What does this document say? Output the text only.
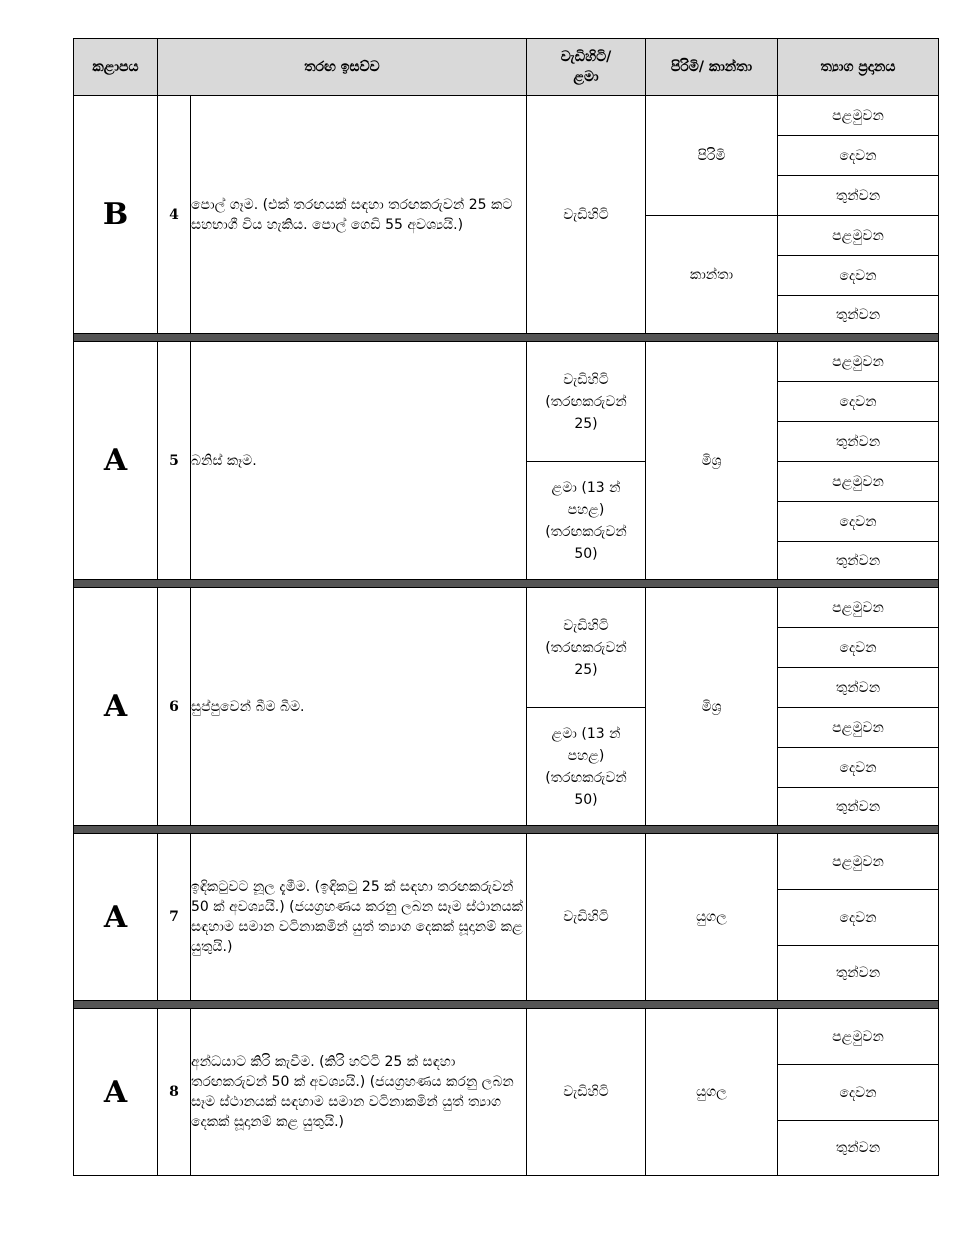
කළාපය	තරඟ ඉසව්ව		වැඩිහිටි/
ළමා	පිරිමි/ කාන්තා	ත්‍යාග ප්‍රදානය
B	4	පොල් ගෑම. (එක් තරඟයක් සඳහා තරඟකරුවන් 25 කට සහභාගී විය හැකිය. පොල් ගෙඩි 55 අවශ්‍යයි.)	වැඩිහිටි	පිරිමි	පළමුවන
					දෙවන
					තුන්වන
				කාන්තා	පළමුවන
					දෙවන
					තුන්වන

A	5	බනිස් කෑම.	වැඩිහිටි
(තරඟකරුවන්
25)	මිශ්‍ර	පළමුවන
					දෙවන
					තුන්වන
			ළමා (13 න්
පහළ)
(තරඟකරුවන්
50)		පළමුවන
					දෙවන
					තුන්වන

A	6	සුප්පුවෙන් බීම බීම.	වැඩිහිටි
(තරඟකරුවන්
25)	මිශ්‍ර	පළමුවන
					දෙවන
					තුන්වන
			ළමා (13 න්
පහළ)
(තරඟකරුවන්
50)		පළමුවන
					දෙවන
					තුන්වන

A	7	ඉඳිකටුවට නූල දැමීම. (ඉඳිකටු 25 ක් සඳහා තරඟකරුවන් 50 ක් අවශ්‍යයි.) (ජයග්‍රහණය කරනු ලබන සෑම ස්ථානයක් සඳහාම සමාන වටිනාකමින් යුත් ත්‍යාග දෙකක් සූදානම් කළ යුතුයි.)	වැඩිහිටි	යුගල	පළමුවන
					දෙවන
					තුන්වන

A	8	අන්ධයාට කිරි කැවීම. (කිරි හට්ටි 25 ක් සඳහා තරඟකරුවන් 50 ක් අවශ්‍යයි.) (ජයග්‍රහණය කරනු ලබන සෑම ස්ථානයක් සඳහාම සමාන වටිනාකමින් යුත් ත්‍යාග දෙකක් සූදානම් කළ යුතුයි.)	වැඩිහිටි	යුගල	පළමුවන
					දෙවන
					තුන්වන
